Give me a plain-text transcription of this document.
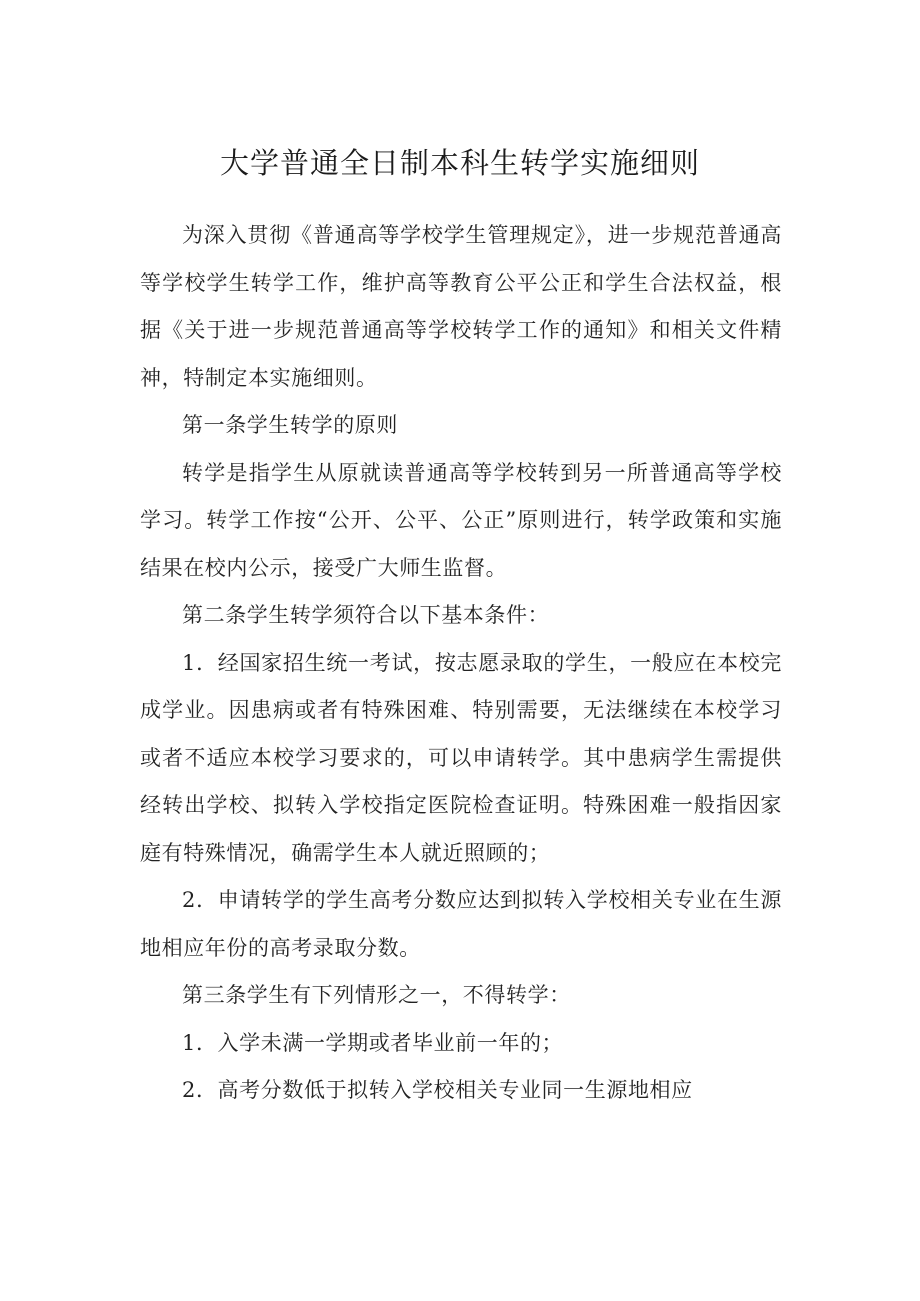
大学普通全日制本科生转学实施细则

为深入贯彻《普通高等学校学生管理规定》，进一步规范普通高等学校学生转学工作，维护高等教育公平公正和学生合法权益，根据《关于进一步规范普通高等学校转学工作的通知》和相关文件精神，特制定本实施细则。

第一条学生转学的原则

转学是指学生从原就读普通高等学校转到另一所普通高等学校学习。转学工作按“公开、公平、公正”原则进行，转学政策和实施结果在校内公示，接受广大师生监督。

第二条学生转学须符合以下基本条件：

1．经国家招生统一考试，按志愿录取的学生，一般应在本校完成学业。因患病或者有特殊困难、特别需要，无法继续在本校学习或者不适应本校学习要求的，可以申请转学。其中患病学生需提供经转出学校、拟转入学校指定医院检查证明。特殊困难一般指因家庭有特殊情况，确需学生本人就近照顾的；

2．申请转学的学生高考分数应达到拟转入学校相关专业在生源地相应年份的高考录取分数。

第三条学生有下列情形之一，不得转学：

1．入学未满一学期或者毕业前一年的；

2．高考分数低于拟转入学校相关专业同一生源地相应
